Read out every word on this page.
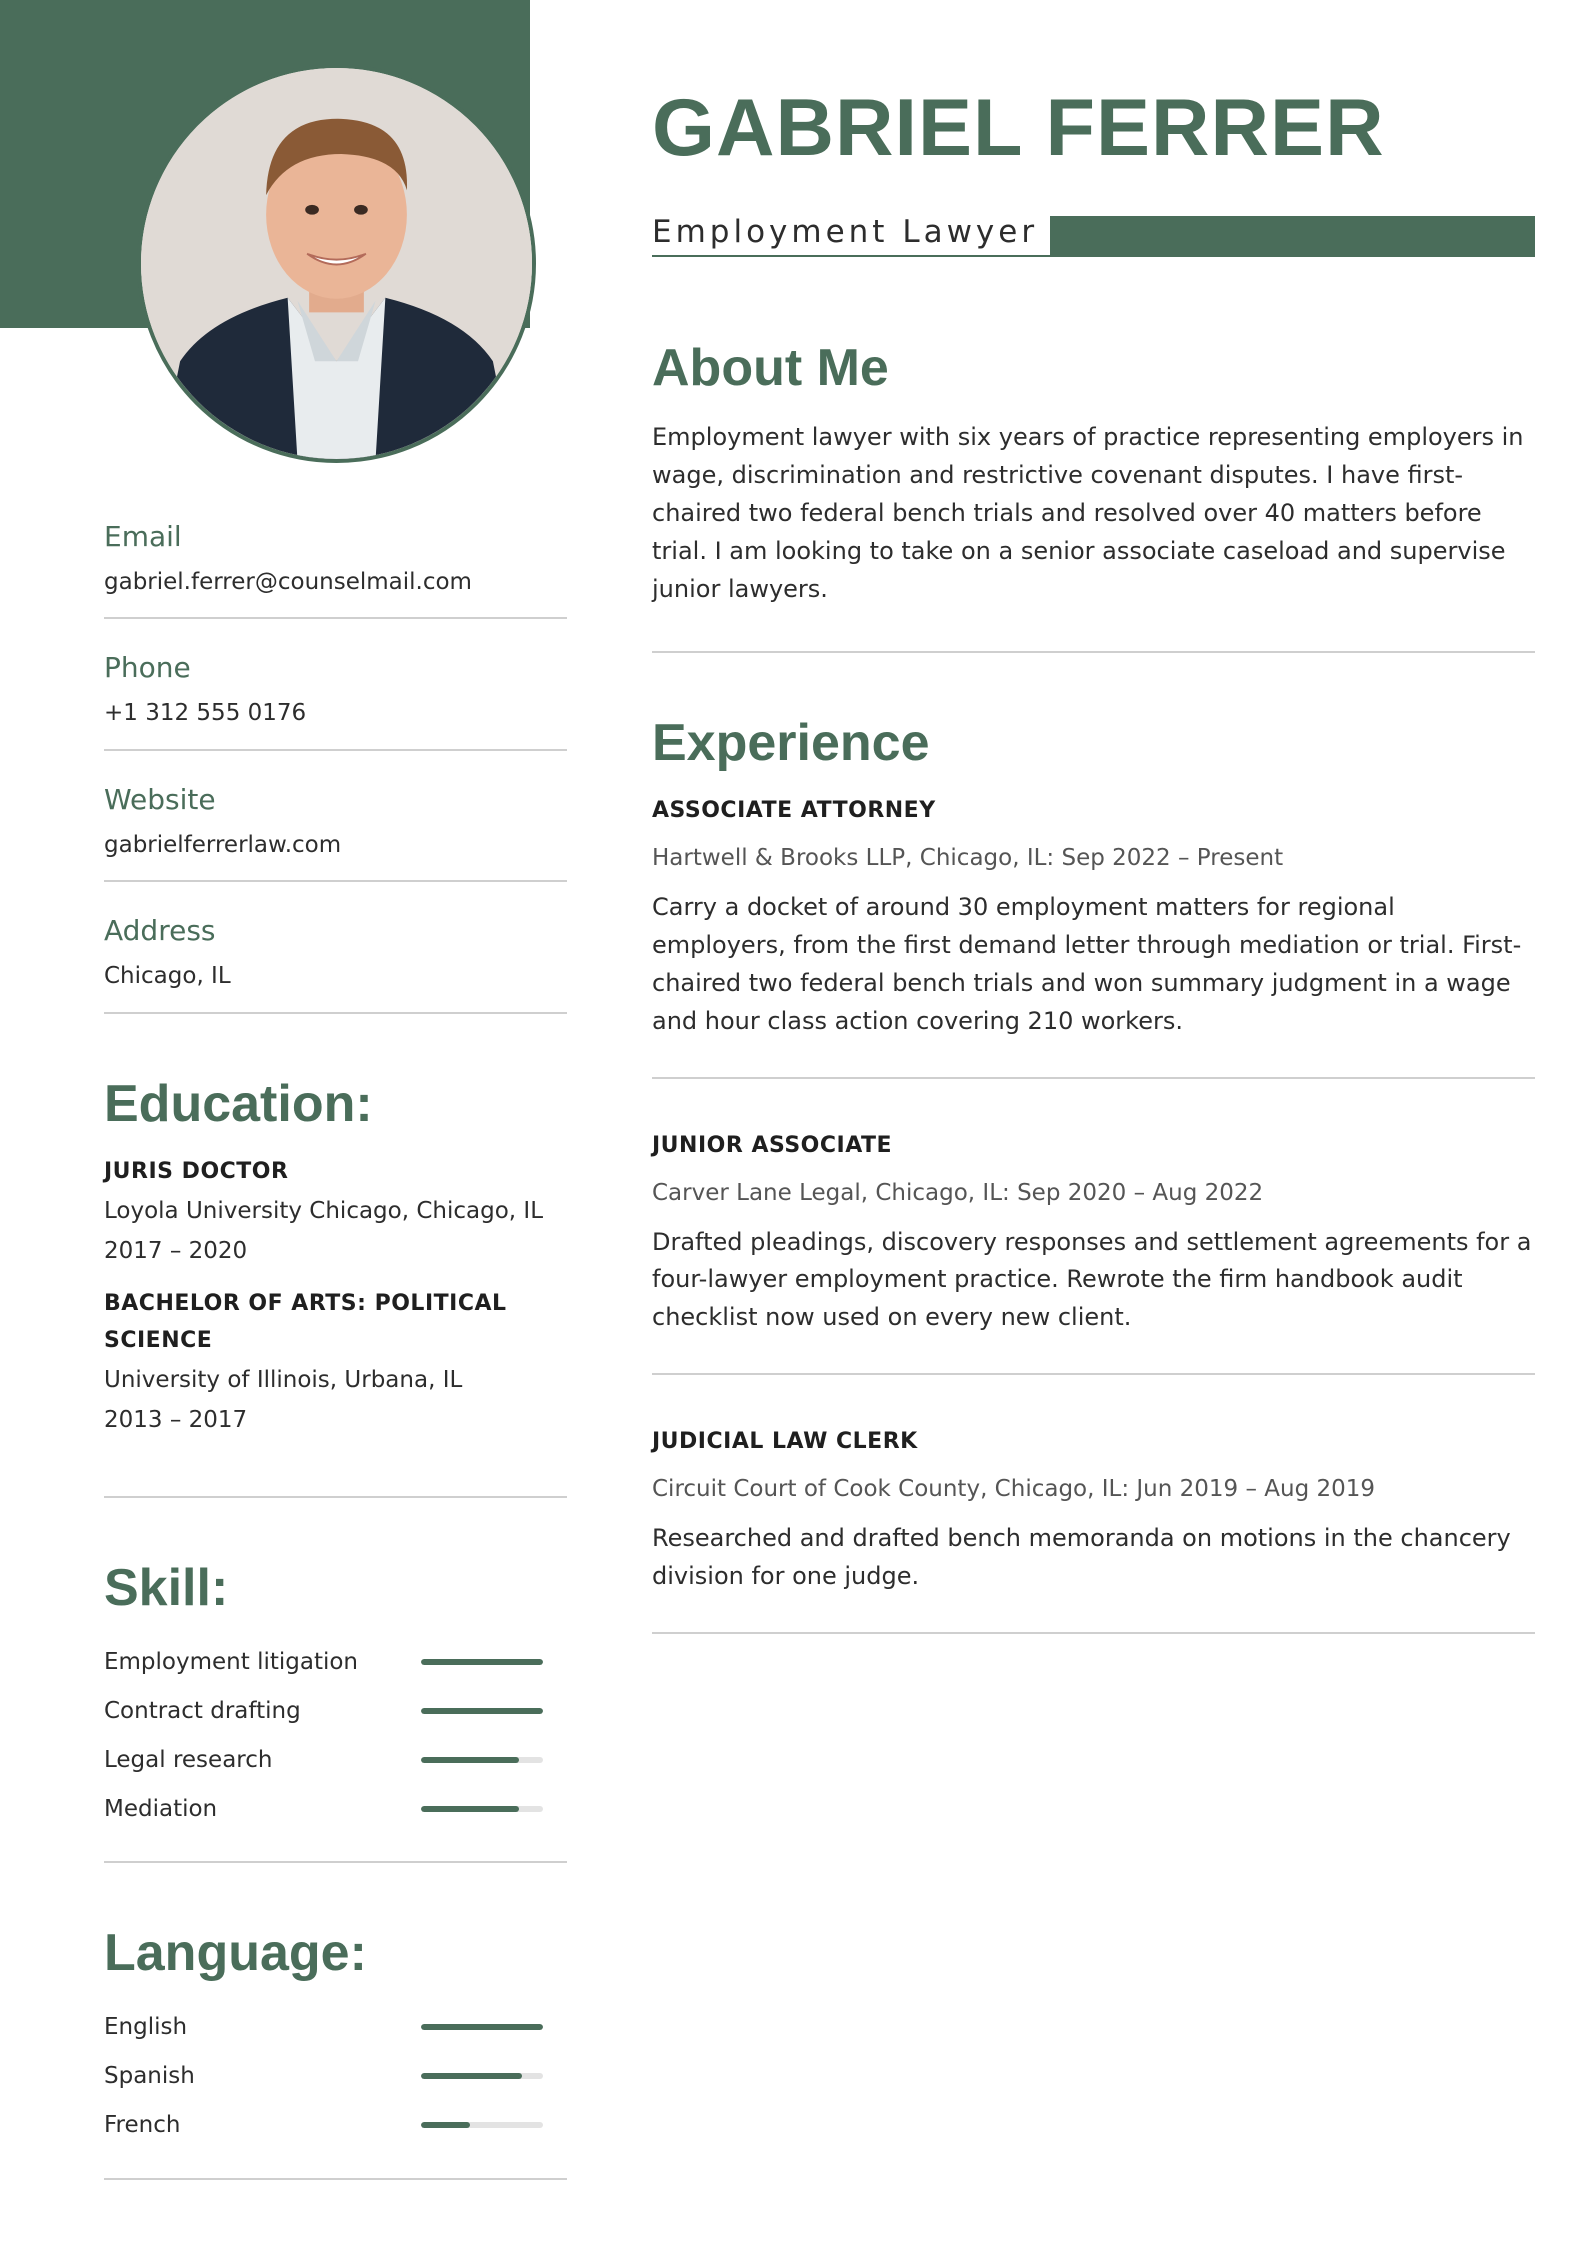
GABRIEL FERRER
Employment Lawyer
Email
gabriel.ferrer@counselmail.com
Phone
+1 312 555 0176
Website
gabrielferrerlaw.com
Address
Chicago, IL
Education:
JURIS DOCTOR
Loyola University Chicago, Chicago, IL
2017 – 2020
BACHELOR OF ARTS: POLITICAL SCIENCE
University of Illinois, Urbana, IL
2013 – 2017
Skill:
Employment litigation
Contract drafting
Legal research
Mediation
Language:
English
Spanish
French
About Me
Employment lawyer with six years of practice representing employers in wage, discrimination and restrictive covenant disputes. I have first-chaired two federal bench trials and resolved over 40 matters before trial. I am looking to take on a senior associate caseload and supervise junior lawyers.
Experience
ASSOCIATE ATTORNEY
Hartwell & Brooks LLP, Chicago, IL: Sep 2022 – Present
Carry a docket of around 30 employment matters for regional employers, from the first demand letter through mediation or trial. First-chaired two federal bench trials and won summary judgment in a wage and hour class action covering 210 workers.
JUNIOR ASSOCIATE
Carver Lane Legal, Chicago, IL: Sep 2020 – Aug 2022
Drafted pleadings, discovery responses and settlement agreements for a four-lawyer employment practice. Rewrote the firm handbook audit checklist now used on every new client.
JUDICIAL LAW CLERK
Circuit Court of Cook County, Chicago, IL: Jun 2019 – Aug 2019
Researched and drafted bench memoranda on motions in the chancery division for one judge.
